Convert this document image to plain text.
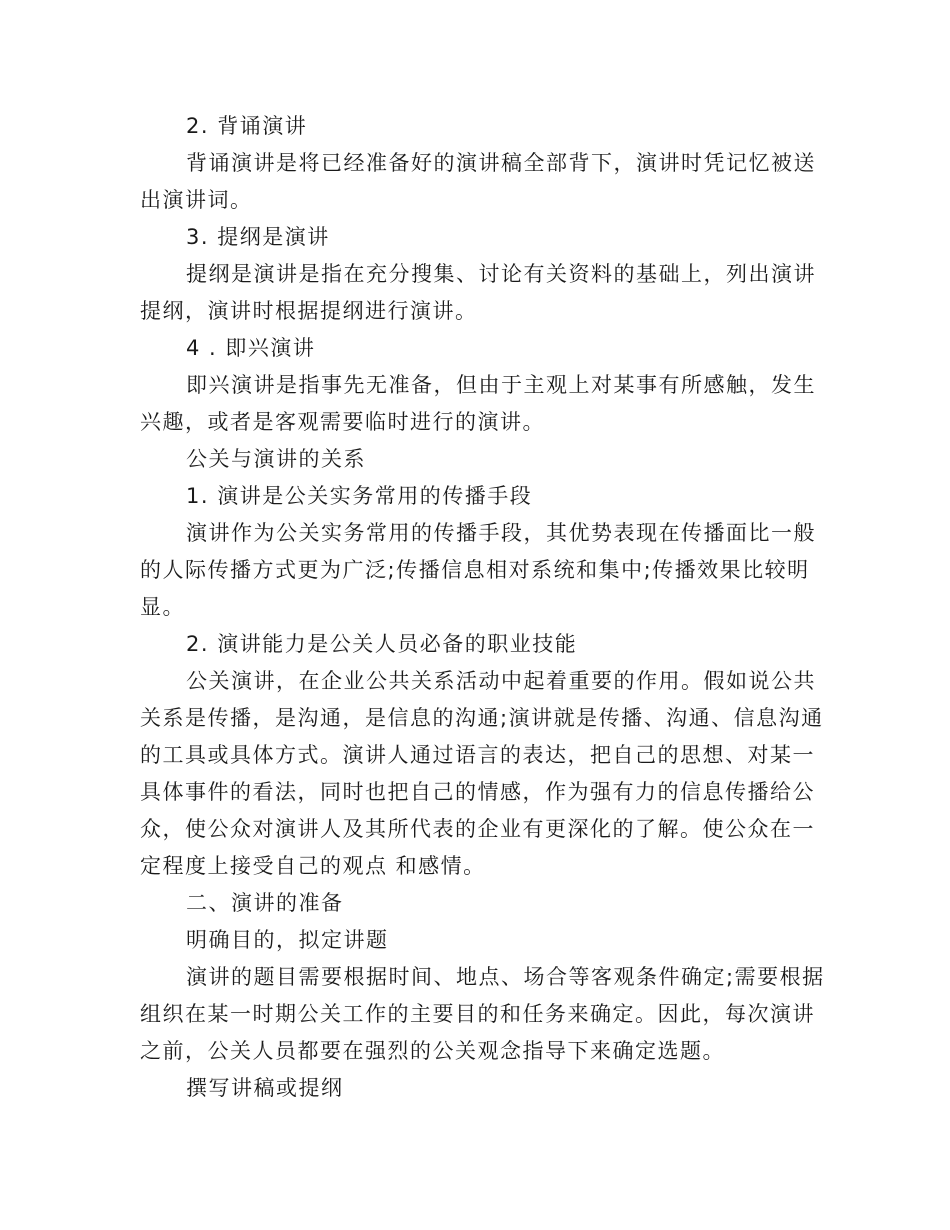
2. 背诵演讲
背诵演讲是将已经准备好的演讲稿全部背下，演讲时凭记忆被送
出演讲词。
3. 提纲是演讲
提纲是演讲是指在充分搜集、讨论有关资料的基础上，列出演讲
提纲，演讲时根据提纲进行演讲。
4 . 即兴演讲
即兴演讲是指事先无准备，但由于主观上对某事有所感触，发生
兴趣，或者是客观需要临时进行的演讲。
公关与演讲的关系
1. 演讲是公关实务常用的传播手段
演讲作为公关实务常用的传播手段，其优势表现在传播面比一般
的人际传播方式更为广泛;传播信息相对系统和集中;传播效果比较明
显。
2. 演讲能力是公关人员必备的职业技能
公关演讲，在企业公共关系活动中起着重要的作用。假如说公共
关系是传播，是沟通，是信息的沟通;演讲就是传播、沟通、信息沟通
的工具或具体方式。演讲人通过语言的表达，把自己的思想、对某一
具体事件的看法，同时也把自己的情感，作为强有力的信息传播给公
众，使公众对演讲人及其所代表的企业有更深化的了解。使公众在一
定程度上接受自己的观点 和感情。
二、演讲的准备
明确目的，拟定讲题
演讲的题目需要根据时间、地点、场合等客观条件确定;需要根据
组织在某一时期公关工作的主要目的和任务来确定。因此，每次演讲
之前，公关人员都要在强烈的公关观念指导下来确定选题。
撰写讲稿或提纲
